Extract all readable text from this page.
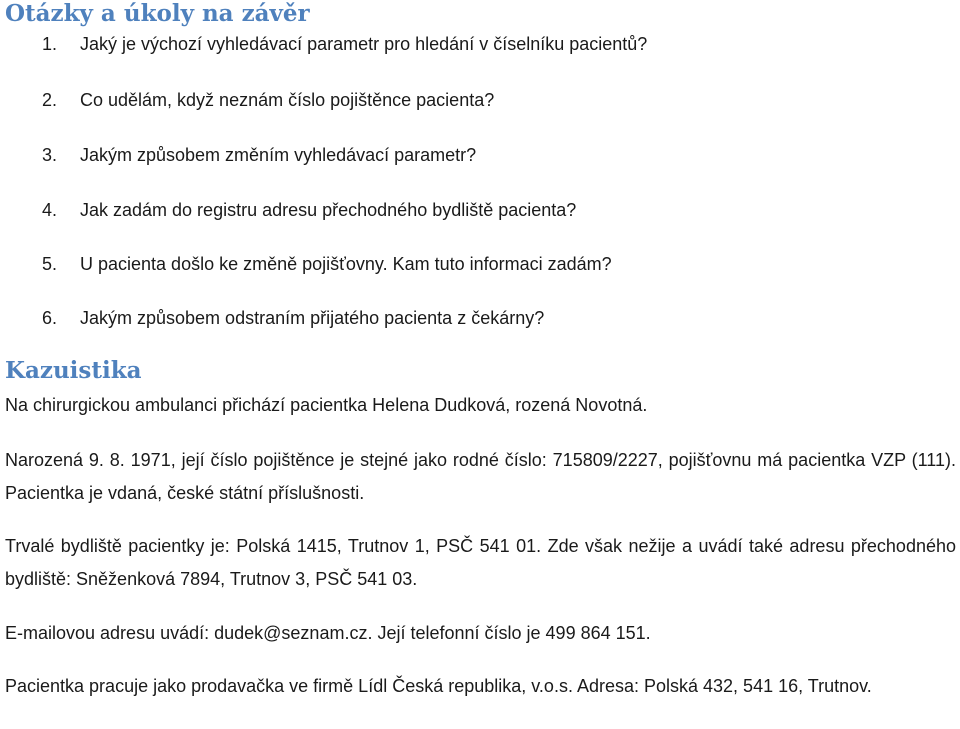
Otázky a úkoly na závěr
1.	Jaký je výchozí vyhledávací parametr pro hledání v číselníku pacientů?
2.	Co udělám, když neznám číslo pojištěnce pacienta?
3.	Jakým způsobem změním vyhledávací parametr?
4.	Jak zadám do registru adresu přechodného bydliště pacienta?
5.	U pacienta došlo ke změně pojišťovny. Kam tuto informaci zadám?
6.	Jakým způsobem odstraním přijatého pacienta z čekárny?
Kazuistika

Na chirurgickou ambulanci přichází pacientka Helena Dudková, rozená Novotná.

Narozená 9. 8. 1971, její číslo pojištěnce je stejné jako rodné číslo: 715809/2227, pojišťovnu má pacientka VZP (111). Pacientka je vdaná, české státní příslušnosti.

Trvalé bydliště pacientky je: Polská 1415, Trutnov 1, PSČ 541 01. Zde však nežije a uvádí také adresu přechodného bydliště: Sněženková 7894, Trutnov 3, PSČ 541 03.

E-mailovou adresu uvádí: dudek@seznam.cz. Její telefonní číslo je 499 864 151.

Pacientka pracuje jako prodavačka ve firmě Lídl Česká republika, v.o.s. Adresa: Polská 432, 541 16, Trutnov.
